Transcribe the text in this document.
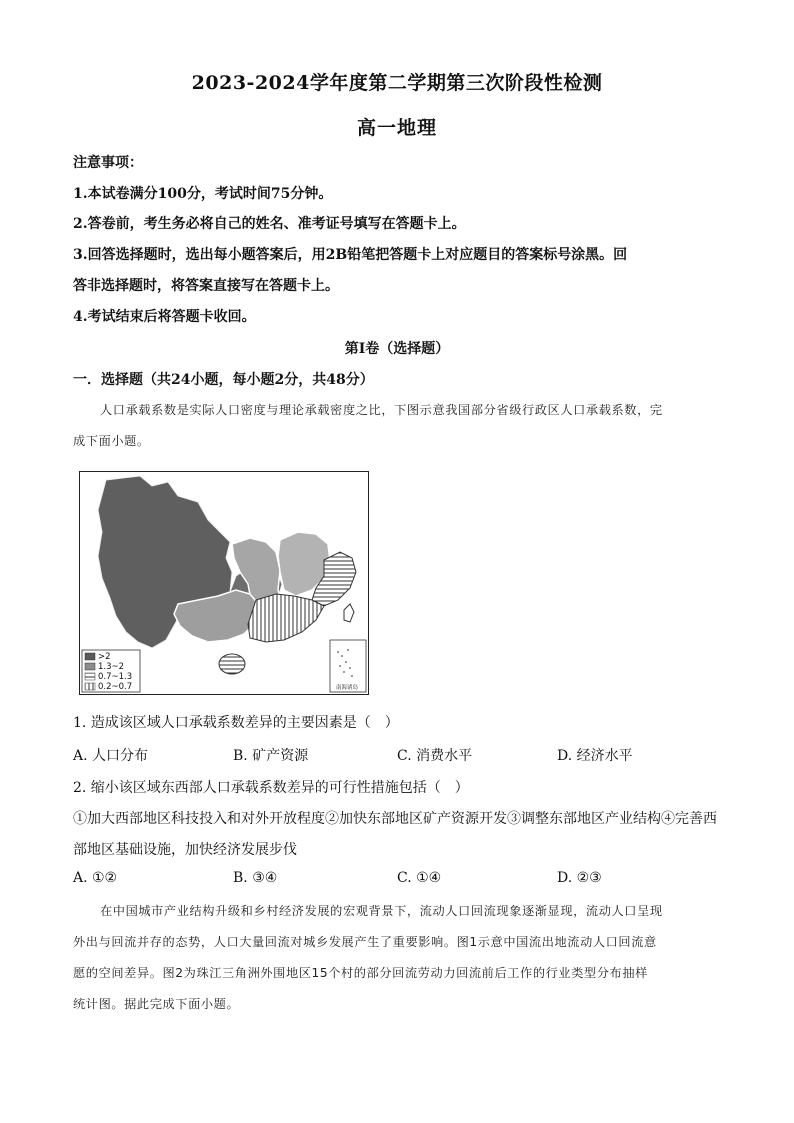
2023-2024学年度第二学期第三次阶段性检测
高一地理
注意事项：
1.本试卷满分100分，考试时间75分钟。
2.答卷前，考生务必将自己的姓名、准考证号填写在答题卡上。
3.回答选择题时，选出每小题答案后，用2B铅笔把答题卡上对应题目的答案标号涂黑。回
答非选择题时，将答案直接写在答题卡上。
4.考试结束后将答题卡收回。
第Ⅰ卷（选择题）
一．选择题（共24小题，每小题2分，共48分）
人口承载系数是实际人口密度与理论承载密度之比，下图示意我国部分省级行政区人口承载系数，完
成下面小题。
>2
1.3~2
0.7~1.3
0.2~0.7	南海诸岛
1. 造成该区域人口承载系数差异的主要因素是（　）
A. 人口分布	B. 矿产资源	C. 消费水平	D. 经济水平
2. 缩小该区域东西部人口承载系数差异的可行性措施包括（　）
①加大西部地区科技投入和对外开放程度②加快东部地区矿产资源开发③调整东部地区产业结构④完善西
部地区基础设施，加快经济发展步伐
A. ①②	B. ③④	C. ①④	D. ②③
在中国城市产业结构升级和乡村经济发展的宏观背景下，流动人口回流现象逐渐显现，流动人口呈现
外出与回流并存的态势，人口大量回流对城乡发展产生了重要影响。图1示意中国流出地流动人口回流意
愿的空间差异。图2为珠江三角洲外围地区15个村的部分回流劳动力回流前后工作的行业类型分布抽样
统计图。据此完成下面小题。
